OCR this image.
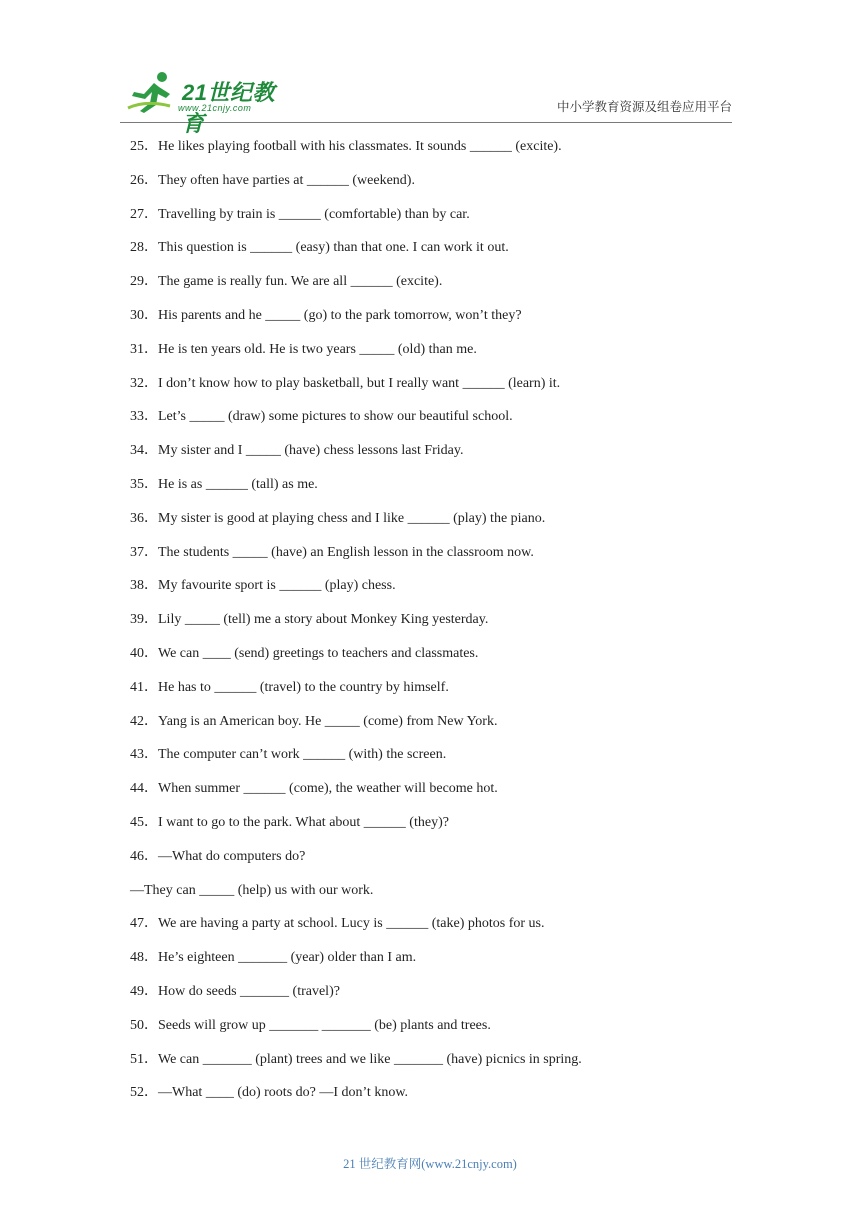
21世纪教育
www.21cnjy.com	中小学教育资源及组卷应用平台
25．He likes playing football with his classmates. It sounds ______ (excite).
26．They often have parties at ______ (weekend).
27．Travelling by train is ______ (comfortable) than by car.
28．This question is ______ (easy) than that one. I can work it out.
29．The game is really fun. We are all ______ (excite).
30．His parents and he _____ (go) to the park tomorrow, won’t they?
31．He is ten years old. He is two years _____ (old) than me.
32．I don’t know how to play basketball, but I really want ______ (learn) it.
33．Let’s _____ (draw) some pictures to show our beautiful school.
34．My sister and I _____ (have) chess lessons last Friday.
35．He is as ______ (tall) as me.
36．My sister is good at playing chess and I like ______ (play) the piano.
37．The students _____ (have) an English lesson in the classroom now.
38．My favourite sport is ______ (play) chess.
39．Lily _____ (tell) me a story about Monkey King yesterday.
40．We can ____ (send) greetings to teachers and classmates.
41．He has to ______ (travel) to the country by himself.
42．Yang is an American boy. He _____ (come) from New York.
43．The computer can’t work ______ (with) the screen.
44．When summer ______ (come), the weather will become hot.
45．I want to go to the park. What about ______ (they)?
46．—What do computers do?
—They can _____ (help) us with our work.
47．We are having a party at school. Lucy is ______ (take) photos for us.
48．He’s eighteen _______ (year) older than I am.
49．How do seeds _______ (travel)?
50．Seeds will grow up _______ _______ (be) plants and trees.
51．We can _______ (plant) trees and we like _______ (have) picnics in spring.
52．—What ____ (do) roots do? —I don’t know.
21 世纪教育网(www.21cnjy.com)
